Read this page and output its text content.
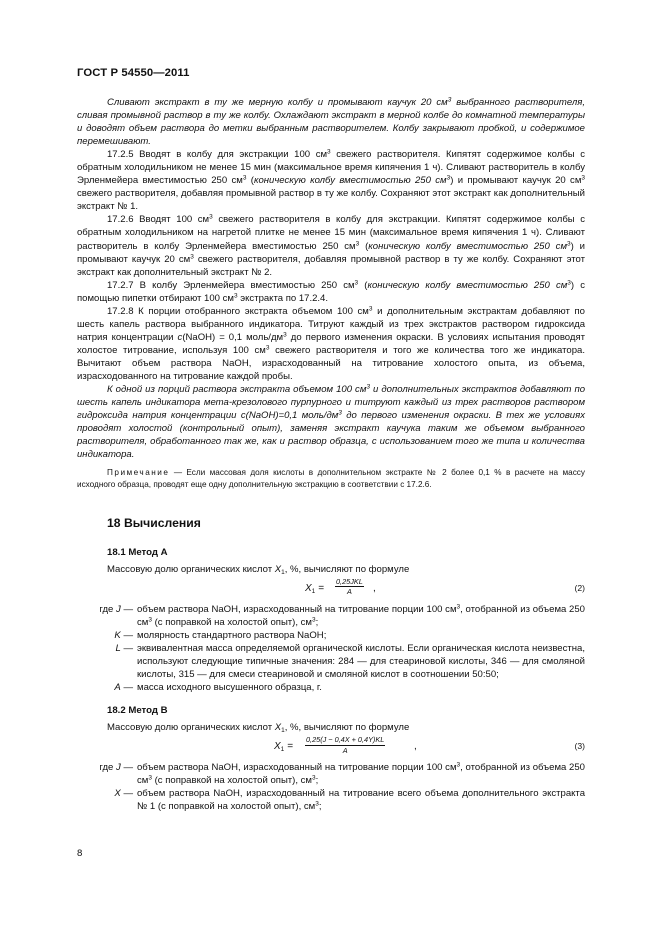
ГОСТ Р 54550—2011

Сливают экстракт в ту же мерную колбу и промывают каучук 20 $см^3$ выбранного растворителя, сливая промывной раствор в ту же колбу. Охлаждают экстракт в мерной колбе до комнатной температуры и доводят объем раствора до метки выбранным растворителем. Колбу закрывают пробкой, и содержимое перемешивают.

17.2.5 Вводят в колбу для экстракции 100 $см^3$ свежего растворителя. Кипятят содержимое колбы с обратным холодильником не менее 15 мин (максимальное время кипячения 1 ч). Сливают растворитель в колбу Эрленмейера вместимостью 250 $см^3$ (коническую колбу вместимостью 250 $см^3$) и промывают каучук 20 $см^3$ свежего растворителя, добавляя промывной раствор в ту же колбу. Сохраняют этот экстракт как дополнительный экстракт № 1.

17.2.6 Вводят 100 $см^3$ свежего растворителя в колбу для экстракции. Кипятят содержимое колбы с обратным холодильником на нагретой плитке не менее 15 мин (максимальное время кипячения 1 ч). Сливают растворитель в колбу Эрленмейера вместимостью 250 $см^3$ (коническую колбу вместимостью 250 $см^3$) и промывают каучук 20 $см^3$ свежего растворителя, добавляя промывной раствор в ту же колбу. Сохраняют этот экстракт как дополнительный экстракт № 2.

17.2.7 В колбу Эрленмейера вместимостью 250 $см^3$ (коническую колбу вместимостью 250 $см^3$) с помощью пипетки отбирают 100 $см^3$ экстракта по 17.2.4.

17.2.8 К порции отобранного экстракта объемом 100 $см^3$ и дополнительным экстрактам добавляют по шесть капель раствора выбранного индикатора. Титруют каждый из трех экстрактов раствором гидроксида натрия концентрации c(NaOH) = 0,1 моль/$дм^3$ до первого изменения окраски. В условиях испытания проводят холостое титрование, используя 100 $см^3$ свежего растворителя и того же количества того же индикатора. Вычитают объем раствора NaOH, израсходованный на титрование холостого опыта, из объема, израсходованного на титрование каждой пробы.

К одной из порций раствора экстракта объемом 100 $см^3$ и дополнительных экстрактов добавляют по шесть капель индикатора мета-крезолового пурпурного и титруют каждый из трех растворов раствором гидроксида натрия концентрации c(NaOH)=0,1 моль/$дм^3$ до первого изменения окраски. В тех же условиях проводят холостой (контрольный опыт), заменяя экстракт каучука таким же объемом выбранного растворителя, обработанного так же, как и раствор образца, с использованием того же типа и количества индикатора.

Примечание — Если массовая доля кислоты в дополнительном экстракте № 2 более 0,1 % в расчете на массу исходного образца, проводят еще одну дополнительную экстракцию в соответствии с 17.2.6.

18 Вычисления

18.1 Метод А

Массовую долю органических кислот $X_1$, %, вычисляют по формуле

$X_1$ =
0,25JKL
A	,	(2)
где J — объем раствора NaOH, израсходованный на титрование порции 100 $см^3$, отобранной из объема 250 $см^3$ (с поправкой на холостой опыт), $см^3$;
K — молярность стандартного раствора NaOH;
L — эквивалентная масса определяемой органической кислоты. Если органическая кислота неизвестна, используют следующие типичные значения: 284 — для стеариновой кислоты, 346 — для смоляной кислоты, 315 — для смеси стеариновой и смоляной кислот в соотношении 50:50;
A — масса исходного высушенного образца, г.

18.2 Метод В

Массовую долю органических кислот $X_1$, %, вычисляют по формуле

$X_1 = \frac{0,25(J - 0,4X + 0,4Y)KL}{A}$	,	(3)
где J — объем раствора NaOH, израсходованный на титрование порции 100 $см^3$, отобранной из объема 250 $см^3$ (с поправкой на холостой опыт), $см^3$;
X — объем раствора NaOH, израсходованный на титрование всего объема дополнительного экстракта № 1 (с поправкой на холостой опыт), $см^3$;
8
